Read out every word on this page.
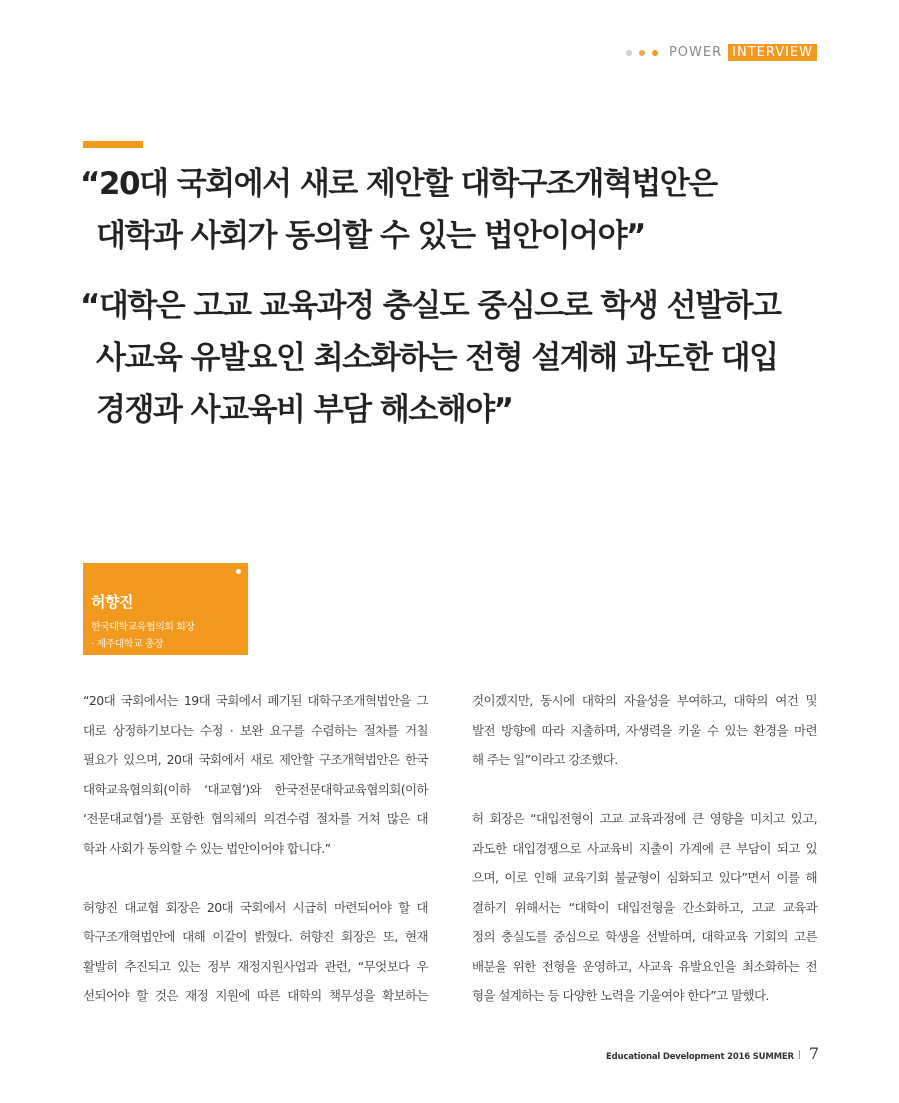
POWER INTERVIEW
“20대 국회에서 새로 제안할 대학구조개혁법안은
대학과 사회가 동의할 수 있는 법안이어야”
“대학은 고교 교육과정 충실도 중심으로 학생 선발하고
사교육 유발요인 최소화하는 전형 설계해 과도한 대입
경쟁과 사교육비 부담 해소해야”
허향진
한국대학교육협의회 회장
· 제주대학교 총장
“20대 국회에서는 19대 국회에서 폐기된 대학구조개혁법안을 그
대로 상정하기보다는 수정 · 보완 요구를 수렴하는 절차를 거칠
필요가 있으며, 20대 국회에서 새로 제안할 구조개혁법안은 한국
대학교육협의회(이하 ‘대교협’)와 한국전문대학교육협의회(이하
‘전문대교협’)를 포함한 협의체의 의견수렴 절차를 거쳐 많은 대
학과 사회가 동의할 수 있는 법안이어야 합니다.”
허향진 대교협 회장은 20대 국회에서 시급히 마련되어야 할 대
학구조개혁법안에 대해 이같이 밝혔다. 허향진 회장은 또, 현재
활발히 추진되고 있는 정부 재정지원사업과 관련, “무엇보다 우
선되어야 할 것은 재정 지원에 따른 대학의 책무성을 확보하는
것이겠지만, 동시에 대학의 자율성을 부여하고, 대학의 여건 및
발전 방향에 따라 지출하며, 자생력을 키울 수 있는 환경을 마련
해 주는 일”이라고 강조했다.
허 회장은 “대입전형이 고교 교육과정에 큰 영향을 미치고 있고,
과도한 대입경쟁으로 사교육비 지출이 가계에 큰 부담이 되고 있
으며, 이로 인해 교육기회 불균형이 심화되고 있다”면서 이를 해
결하기 위해서는 “대학이 대입전형을 간소화하고, 고교 교육과
정의 충실도를 중심으로 학생을 선발하며, 대학교육 기회의 고른
배분을 위한 전형을 운영하고, 사교육 유발요인을 최소화하는 전
형을 설계하는 등 다양한 노력을 기울여야 한다”고 말했다.
Educational Development 2016 SUMMER 7
